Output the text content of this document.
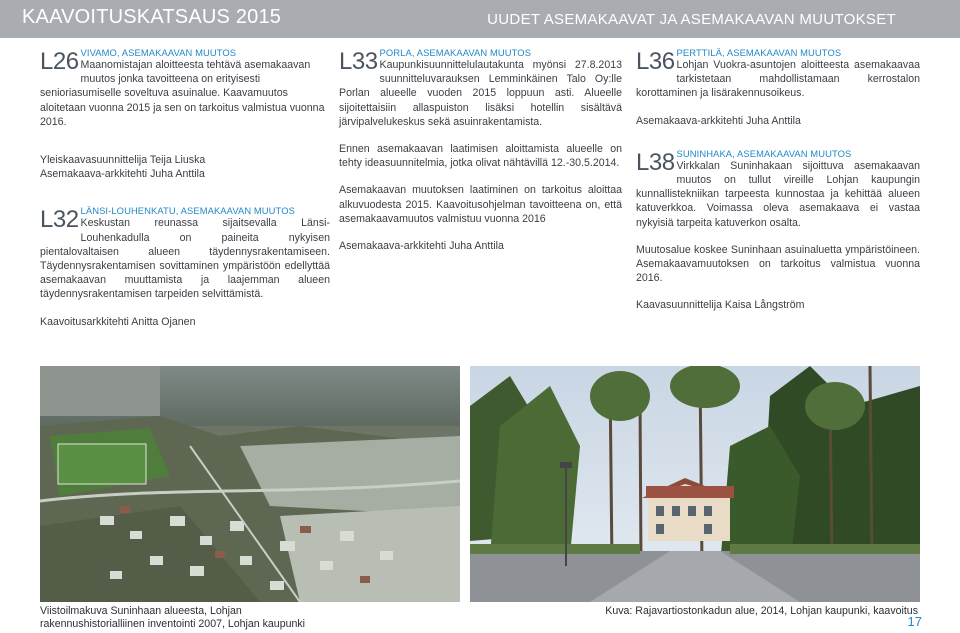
KAAVOITUSKATSAUS 2015	UUDET ASEMAKAAVAT JA ASEMAKAAVAN MUUTOKSET
L26 VIVAMO, ASEMAKAAVAN MUUTOS
Maanomistajan aloitteesta tehtävä asemakaavan muutos jonka tavoitteena on erityisesti senioriasumiselle soveltuva asuinalue. Kaavamuutos aloitetaan vuonna 2015 ja sen on tarkoitus valmistua vuonna 2016.

Yleiskaavasuunnittelija Teija Liuska

Asemakaava-arkkitehti Juha Anttila

L32 LÄNSI-LOUHENKATU, ASEMAKAAVAN MUUTOS
Keskustan reunassa sijaitsevalla Länsi-Louhenkadulla on paineita nykyisen pientalovaltaisen alueen täydennysrakentamiseen. Täydennysrakentamisen sovittaminen ympäristöön edellyttää asemakaavan muuttamista ja laajemman alueen täydennysrakentamisen tarpeiden selvittämistä.

Kaavoitusarkkitehti Anitta Ojanen

L33 PORLA, ASEMAKAAVAN MUUTOS
Kaupunkisuunnittelulautakunta myönsi 27.8.2013 suunnitteluvarauksen Lemminkäinen Talo Oy:lle Porlan alueelle vuoden 2015 loppuun asti. Alueelle sijoitettaisiin allaspuiston lisäksi hotellin sisältävä järvipalvelukeskus sekä asuinrakentamista.

Ennen asemakaavan laatimisen aloittamista alueelle on tehty ideasuunnitelmia, jotka olivat nähtävillä 12.-30.5.2014.

Asemakaavan muutoksen laatiminen on tarkoitus aloittaa alkuvuodesta 2015. Kaavoitusohjelman tavoitteena on, että asemakaavamuutos valmistuu vuonna 2016

Asemakaava-arkkitehti Juha Anttila

L36 PERTTILÄ, ASEMAKAAVAN MUUTOS
Lohjan Vuokra-asuntojen aloitteesta asemakaavaa tarkistetaan mahdollistamaan kerrostalon korottaminen ja lisärakennusoikeus.

Asemakaava-arkkitehti Juha Anttila

L38 SUNINHAKA, ASEMAKAAVAN MUUTOS
Virkkalan Suninhakaan sijoittuva asemakaavan muutos on tullut vireille Lohjan kaupungin kunnallistekniikan tarpeesta kunnostaa ja kehittää alueen katuverkkoa. Voimassa oleva asemakaava ei vastaa nykyisiä tarpeita katuverkon osalta.

Muutosalue koskee Suninhaan asuinaluetta ympäristöineen. Asemakaavamuutoksen on tarkoitus valmistua vuonna 2016.

Kaavasuunnittelija Kaisa Långström

Viistoilmakuva Suninhaan alueesta, Lohjan rakennushistorialliinen inventointi 2007, Lohjan kaupunki
Kuva: Rajavartiostonkadun alue, 2014, Lohjan kaupunki, kaavoitus
17
